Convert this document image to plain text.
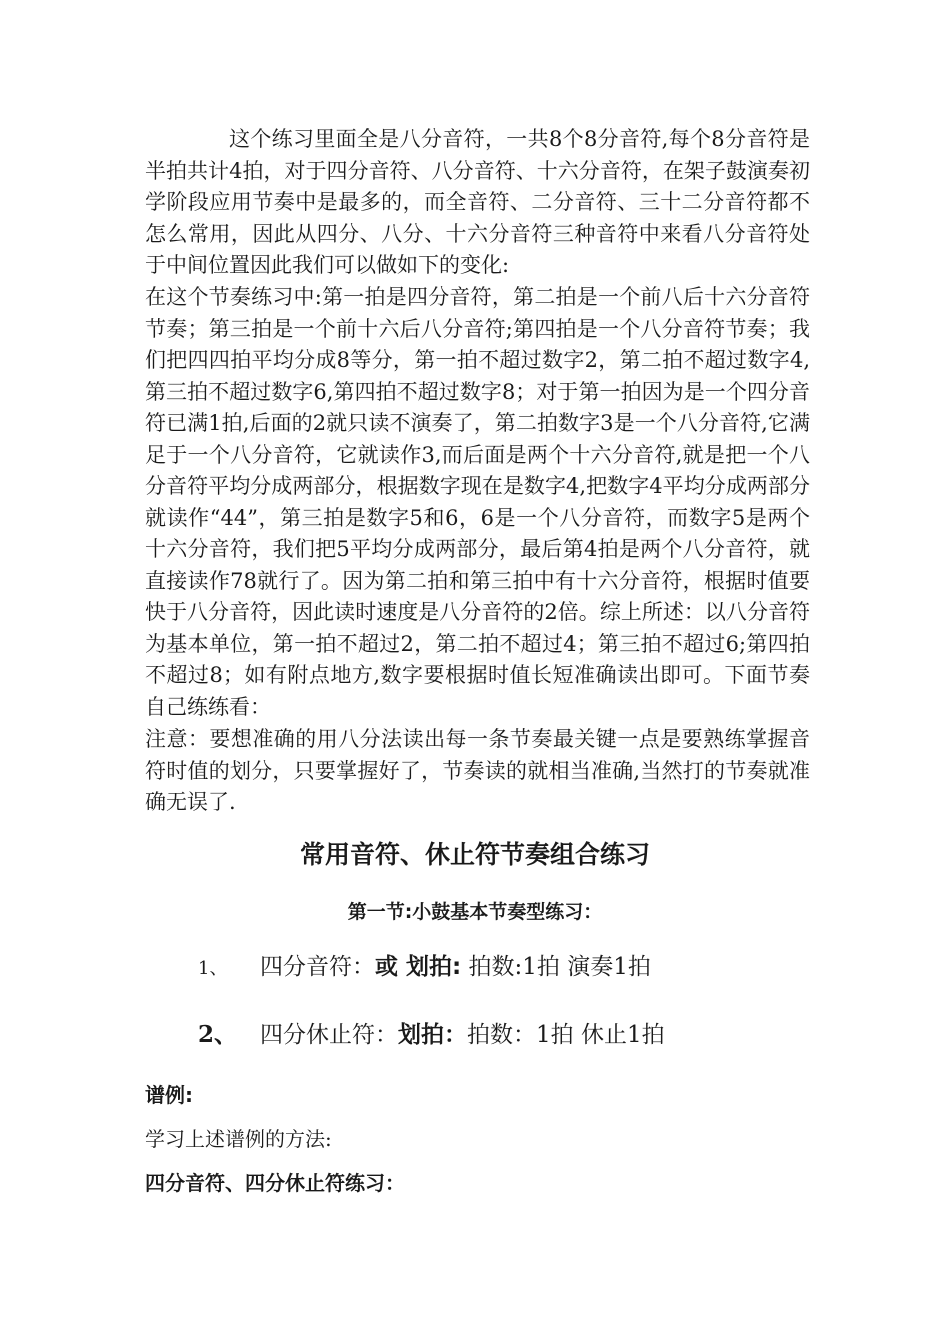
这个练习里面全是八分音符，一共8个8分音符,每个8分音符是半拍共计4拍，对于四分音符、八分音符、十六分音符，在架子鼓演奏初学阶段应用节奏中是最多的，而全音符、二分音符、三十二分音符都不怎么常用，因此从四分、八分、十六分音符三种音符中来看八分音符处于中间位置因此我们可以做如下的变化:

在这个节奏练习中:第一拍是四分音符，第二拍是一个前八后十六分音符节奏；第三拍是一个前十六后八分音符;第四拍是一个八分音符节奏；我们把四四拍平均分成8等分，第一拍不超过数字2，第二拍不超过数字4,第三拍不超过数字6,第四拍不超过数字8；对于第一拍因为是一个四分音符已满1拍,后面的2就只读不演奏了，第二拍数字3是一个八分音符,它满足于一个八分音符，它就读作3,而后面是两个十六分音符,就是把一个八分音符平均分成两部分，根据数字现在是数字4,把数字4平均分成两部分就读作“44”，第三拍是数字5和6，6是一个八分音符，而数字5是两个十六分音符，我们把5平均分成两部分，最后第4拍是两个八分音符，就直接读作78就行了。因为第二拍和第三拍中有十六分音符，根据时值要快于八分音符，因此读时速度是八分音符的2倍。综上所述：以八分音符为基本单位，第一拍不超过2，第二拍不超过4；第三拍不超过6;第四拍不超过8；如有附点地方,数字要根据时值长短准确读出即可。下面节奏自己练练看：

注意：要想准确的用八分法读出每一条节奏最关键一点是要熟练掌握音符时值的划分，只要掌握好了，节奏读的就相当准确,当然打的节奏就准确无误了.

常用音符、休止符节奏组合练习
第一节:小鼓基本节奏型练习：
1、 四分音符：或 划拍: 拍数:1拍 演奏1拍
2、 四分休止符：划拍：拍数：1拍 休止1拍
谱例:
学习上述谱例的方法:
四分音符、四分休止符练习：
